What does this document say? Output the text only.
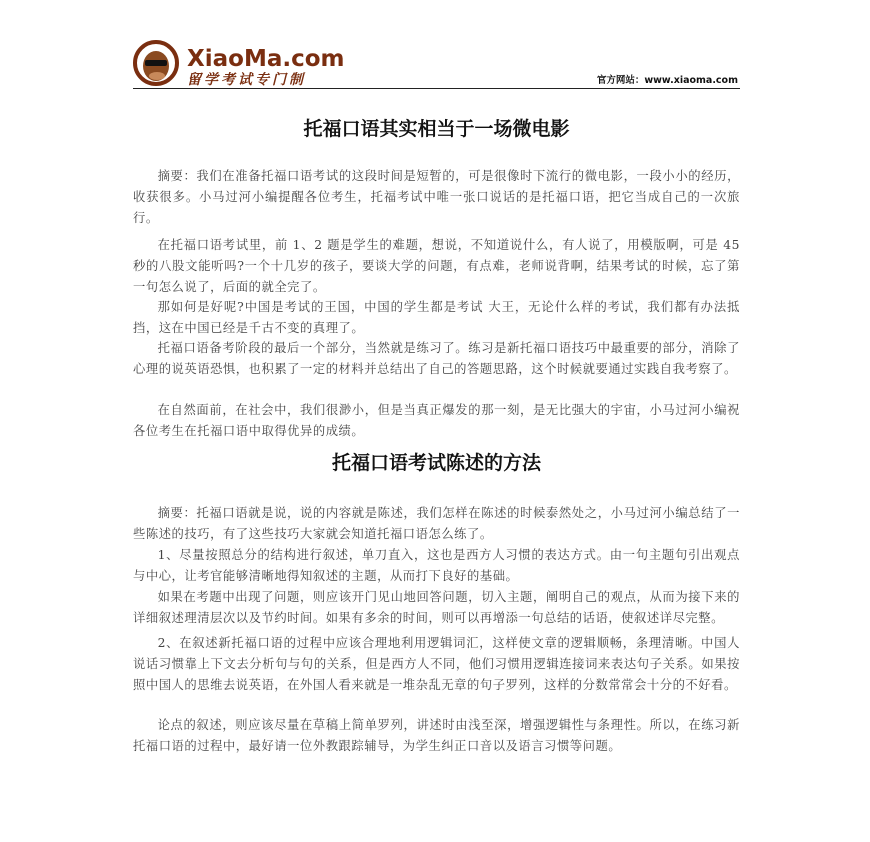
XiaoMa.com
留学考试专门制	官方网站：www.xiaoma.com
托福口语其实相当于一场微电影

摘要：我们在准备托福口语考试的这段时间是短暂的，可是很像时下流行的微电影，一段小小的经历，收获很多。小马过河小编提醒各位考生，托福考试中唯一张口说话的是托福口语，把它当成自己的一次旅行。

在托福口语考试里，前 1、2 题是学生的难题，想说，不知道说什么，有人说了，用模版啊，可是 45 秒的八股文能听吗?一个十几岁的孩子，要谈大学的问题，有点难，老师说背啊，结果考试的时候，忘了第一句怎么说了，后面的就全完了。

那如何是好呢?中国是考试的王国，中国的学生都是考试 大王，无论什么样的考试，我们都有办法抵挡，这在中国已经是千古不变的真理了。

托福口语备考阶段的最后一个部分，当然就是练习了。练习是新托福口语技巧中最重要的部分，消除了心理的说英语恐惧，也积累了一定的材料并总结出了自己的答题思路，这个时候就要通过实践自我考察了。

在自然面前，在社会中，我们很渺小，但是当真正爆发的那一刻，是无比强大的宇宙，小马过河小编祝各位考生在托福口语中取得优异的成绩。

托福口语考试陈述的方法

摘要：托福口语就是说，说的内容就是陈述，我们怎样在陈述的时候泰然处之，小马过河小编总结了一些陈述的技巧，有了这些技巧大家就会知道托福口语怎么练了。

1、尽量按照总分的结构进行叙述，单刀直入，这也是西方人习惯的表达方式。由一句主题句引出观点与中心，让考官能够清晰地得知叙述的主题，从而打下良好的基础。

如果在考题中出现了问题，则应该开门见山地回答问题，切入主题，阐明自己的观点，从而为接下来的详细叙述理清层次以及节约时间。如果有多余的时间，则可以再增添一句总结的话语，使叙述详尽完整。

2、在叙述新托福口语的过程中应该合理地利用逻辑词汇，这样使文章的逻辑顺畅，条理清晰。中国人说话习惯靠上下文去分析句与句的关系，但是西方人不同，他们习惯用逻辑连接词来表达句子关系。如果按照中国人的思维去说英语，在外国人看来就是一堆杂乱无章的句子罗列，这样的分数常常会十分的不好看。

论点的叙述，则应该尽量在草稿上简单罗列，讲述时由浅至深，增强逻辑性与条理性。所以，在练习新托福口语的过程中，最好请一位外教跟踪辅导，为学生纠正口音以及语言习惯等问题。
